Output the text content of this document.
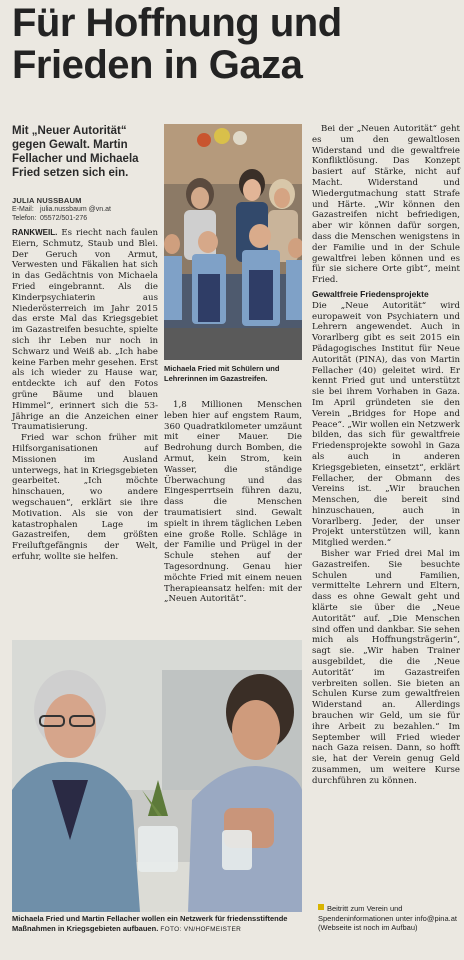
Für Hoffnung und
Frieden in Gaza
Mit „Neuer Autorität“ gegen Gewalt. Martin Fellacher und Michaela Fried setzen sich ein.
JULIA NUSSBAUM
E-Mail: julia.nussbaum @vn.at
Telefon: 05572/501-276

RANKWEIL. Es riecht nach faulen Eiern, Schmutz, Staub und Blei. Der Geruch von Armut, Verwesten und Fäkalien hat sich in das Gedächtnis von Michaela Fried eingebrannt. Als die Kinderpsychiaterin aus Niederösterreich im Jahr 2015 das erste Mal das Kriegsgebiet im Gazastreifen besuchte, spielte sich ihr Leben nur noch in Schwarz und Weiß ab. „Ich habe keine Farben mehr gesehen. Erst als ich wieder zu Hause war, entdeckte ich auf den Fotos grüne Bäume und blauen Himmel“, erinnert sich die 53-Jährige an die Anzeichen einer Traumatisierung.

Fried war schon früher mit Hilfsorganisationen auf Missionen im Ausland unterwegs, hat in Kriegsgebieten gearbeitet. „Ich möchte hinschauen, wo andere wegschauen“, erklärt sie ihre Motivation. Als sie von der katastrophalen Lage im Gazastreifen, dem größten Freiluftgefängnis der Welt, erfuhr, wollte sie helfen.

Michaela Fried mit Schülern und Lehrerinnen im Gazastreifen.

1,8 Millionen Menschen leben hier auf engstem Raum, 360 Quadratkilometer umzäunt mit einer Mauer. Die Bedrohung durch Bomben, die Armut, kein Strom, kein Wasser, die ständige Überwachung und das Eingesperrtsein führen dazu, dass die Menschen traumatisiert sind. Gewalt spielt in ihrem täglichen Leben eine große Rolle. Schläge in der Familie und Prügel in der Schule stehen auf der Tagesordnung. Genau hier möchte Fried mit einem neuen Therapieansatz helfen: mit der „Neuen Autorität“.

Bei der „Neuen Autorität“ geht es um den gewaltlosen Widerstand und die gewaltfreie Konfliktlösung. Das Konzept basiert auf Stärke, nicht auf Macht. Widerstand und Wiedergutmachung statt Strafe und Härte. „Wir können den Gazastreifen nicht befriedigen, aber wir können dafür sorgen, dass die Menschen wenigstens in der Familie und in der Schule gewaltfrei leben können und es für sie sichere Orte gibt“, meint Fried.

Gewaltfreie Friedensprojekte

Die „Neue Autorität“ wird europaweit von Psychiatern und Lehrern angewendet. Auch in Vorarlberg gibt es seit 2015 ein Pädagogisches Institut für Neue Autorität (PINA), das von Martin Fellacher (40) geleitet wird. Er kennt Fried gut und unterstützt sie bei ihrem Vorhaben in Gaza. Im April gründeten sie den Verein „Bridges for Hope and Peace“. „Wir wollen ein Netzwerk bilden, das sich für gewaltfreie Friedensprojekte sowohl in Gaza als auch in anderen Kriegsgebieten, einsetzt“, erklärt Fellacher, der Obmann des Vereins ist. „Wir brauchen Menschen, die bereit sind hinzuschauen, auch in Vorarlberg. Jeder, der unser Projekt unterstützen will, kann Mitglied werden.“

Bisher war Fried drei Mal im Gazastreifen. Sie besuchte Schulen und Familien, vermittelte Lehrern und Eltern, dass es ohne Gewalt geht und klärte sie über die „Neue Autorität“ auf. „Die Menschen sind offen und dankbar. Sie sehen mich als Hoffnungsträgerin“, sagt sie. „Wir haben Trainer ausgebildet, die die ‚Neue Autorität‘ im Gazastreifen verbreiten sollen. Sie bieten an Schulen Kurse zum gewaltfreien Widerstand an. Allerdings brauchen wir Geld, um sie für ihre Arbeit zu bezahlen.“ Im September will Fried wieder nach Gaza reisen. Dann, so hofft sie, hat der Verein genug Geld zusammen, um weitere Kurse durchführen zu können.

Michaela Fried und Martin Fellacher wollen ein Netzwerk für friedensstiftende Maßnahmen in Kriegsgebieten aufbauen. FOTO: VN/HOFMEISTER
Beitritt zum Verein und Spendeninformationen unter info@pina.at (Webseite ist noch im Aufbau)
